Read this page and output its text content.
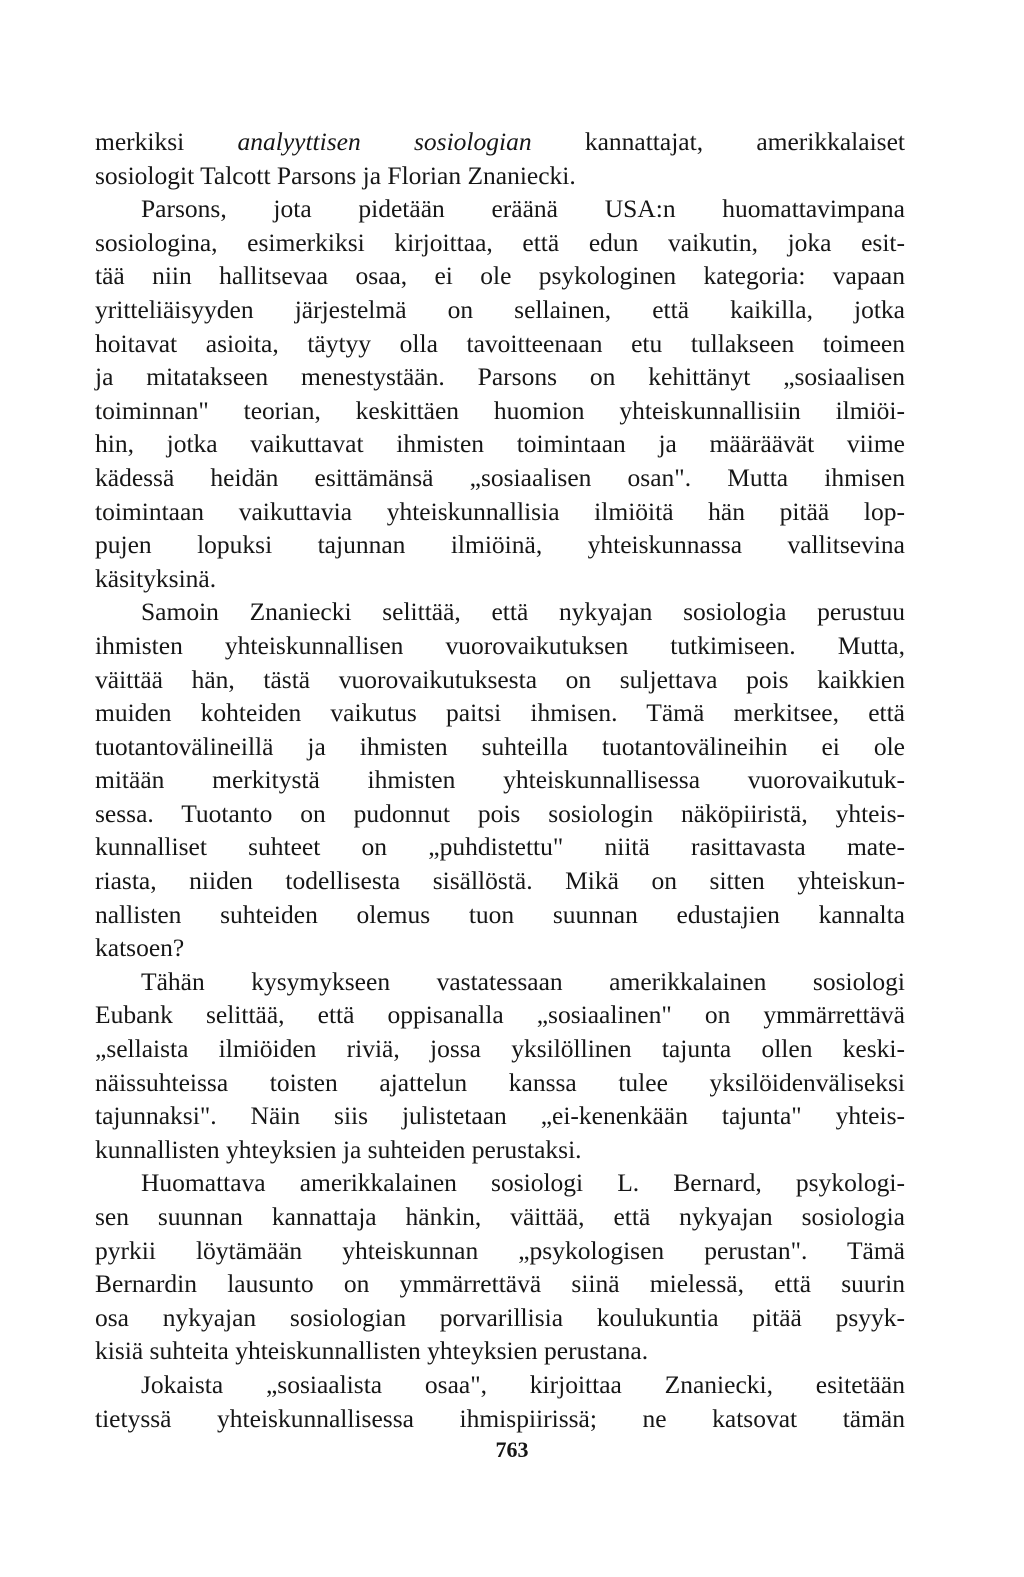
merkiksi analyyttisen sosiologian kannattajat, amerikkalaiset
sosiologit Talcott Parsons ja Florian Znaniecki.
Parsons, jota pidetään eräänä USA:n huomattavimpana
sosiologina, esimerkiksi kirjoittaa, että edun vaikutin, joka esit-
tää niin hallitsevaa osaa, ei ole psykologinen kategoria: vapaan
yritteliäisyyden järjestelmä on sellainen, että kaikilla, jotka
hoitavat asioita, täytyy olla tavoitteenaan etu tullakseen toimeen
ja mitatakseen menestystään. Parsons on kehittänyt „sosiaalisen
toiminnan" teorian, keskittäen huomion yhteiskunnallisiin ilmiöi-
hin, jotka vaikuttavat ihmisten toimintaan ja määräävät viime
kädessä heidän esittämänsä „sosiaalisen osan". Mutta ihmisen
toimintaan vaikuttavia yhteiskunnallisia ilmiöitä hän pitää lop-
pujen lopuksi tajunnan ilmiöinä, yhteiskunnassa vallitsevina
käsityksinä.
Samoin Znaniecki selittää, että nykyajan sosiologia perustuu
ihmisten yhteiskunnallisen vuorovaikutuksen tutkimiseen. Mutta,
väittää hän, tästä vuorovaikutuksesta on suljettava pois kaikkien
muiden kohteiden vaikutus paitsi ihmisen. Tämä merkitsee, että
tuotantovälineillä ja ihmisten suhteilla tuotantovälineihin ei ole
mitään merkitystä ihmisten yhteiskunnallisessa vuorovaikutuk-
sessa. Tuotanto on pudonnut pois sosiologin näköpiiristä, yhteis-
kunnalliset suhteet on „puhdistettu" niitä rasittavasta mate-
riasta, niiden todellisesta sisällöstä. Mikä on sitten yhteiskun-
nallisten suhteiden olemus tuon suunnan edustajien kannalta
katsoen?
Tähän kysymykseen vastatessaan amerikkalainen sosiologi
Eubank selittää, että oppisanalla „sosiaalinen" on ymmärrettävä
„sellaista ilmiöiden riviä, jossa yksilöllinen tajunta ollen keski-
näissuhteissa toisten ajattelun kanssa tulee yksilöidenväliseksi
tajunnaksi". Näin siis julistetaan „ei-kenenkään tajunta" yhteis-
kunnallisten yhteyksien ja suhteiden perustaksi.
Huomattava amerikkalainen sosiologi L. Bernard, psykologi-
sen suunnan kannattaja hänkin, väittää, että nykyajan sosiologia
pyrkii löytämään yhteiskunnan „psykologisen perustan". Tämä
Bernardin lausunto on ymmärrettävä siinä mielessä, että suurin
osa nykyajan sosiologian porvarillisia koulukuntia pitää psyyk-
kisiä suhteita yhteiskunnallisten yhteyksien perustana.
Jokaista „sosiaalista osaa", kirjoittaa Znaniecki, esitetään
tietyssä yhteiskunnallisessa ihmispiirissä; ne katsovat tämän
763
